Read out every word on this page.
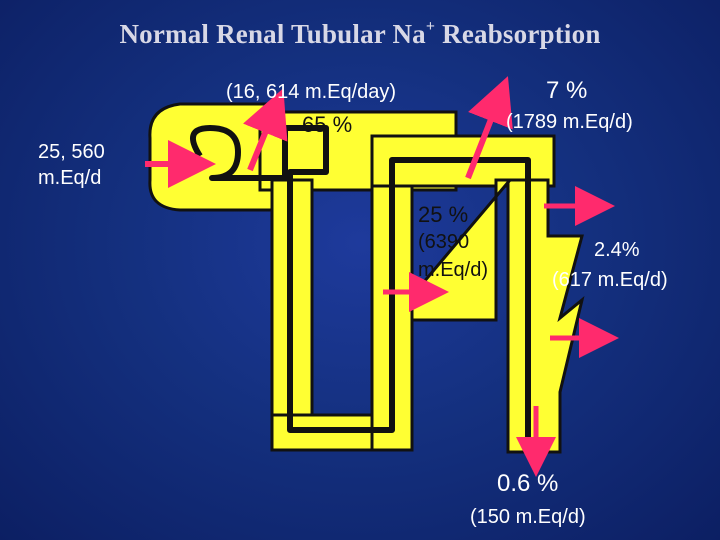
Normal Renal Tubular Na+ Reabsorption
25, 560
m.Eq/d
(16, 614 m.Eq/day)
65 %
7 %
(1789 m.Eq/d)
25 %
(6390
m.Eq/d)
2.4%
(617 m.Eq/d)
0.6 %
(150 m.Eq/d)
